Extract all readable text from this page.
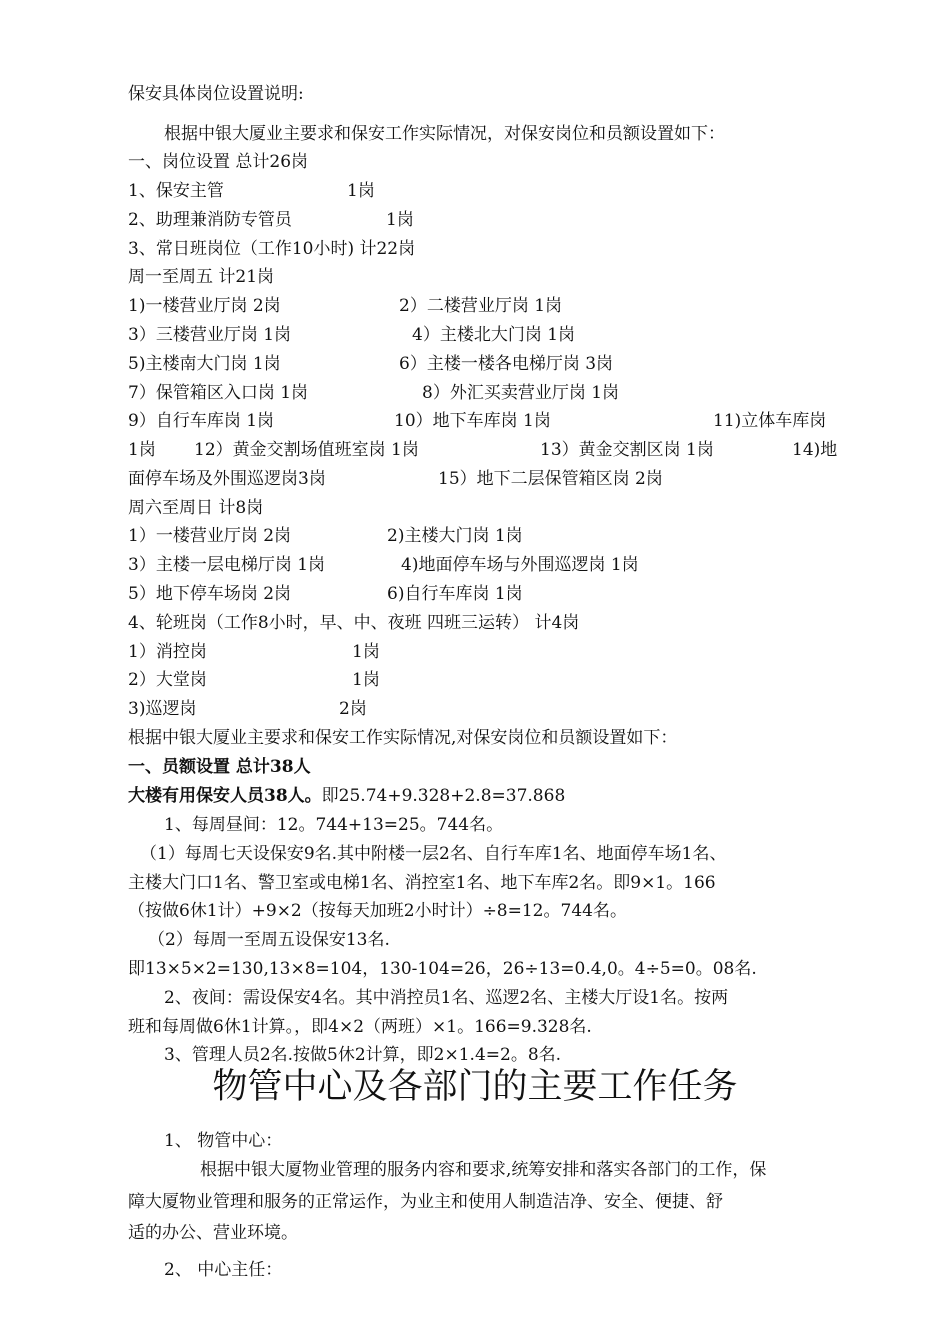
保安具体岗位设置说明:
根据中银大厦业主要求和保安工作实际情况，对保安岗位和员额设置如下：
一、岗位设置 总计26岗
1、保安主管	1岗
2、助理兼消防专管员	1岗
3、常日班岗位（工作10小时) 计22岗
周一至周五 计21岗
1)一楼营业厅岗 2岗	2）二楼营业厅岗 1岗
3）三楼营业厅岗 1岗	4）主楼北大门岗 1岗
5)主楼南大门岗 1岗	6）主楼一楼各电梯厅岗 3岗
7）保管箱区入口岗 1岗	8）外汇买卖营业厅岗 1岗
9）自行车库岗 1岗	10）地下车库岗 1岗	11)立体车库岗
1岗 12）黄金交割场值班室岗 1岗	13）黄金交割区岗 1岗	14)地
面停车场及外围巡逻岗3岗	15）地下二层保管箱区岗 2岗
周六至周日 计8岗
1）一楼营业厅岗 2岗	2)主楼大门岗 1岗
3）主楼一层电梯厅岗 1岗	4)地面停车场与外围巡逻岗 1岗
5）地下停车场岗 2岗	6)自行车库岗 1岗
4、轮班岗（工作8小时，早、中、夜班 四班三运转） 计4岗
1）消控岗	1岗
2）大堂岗	1岗
3)巡逻岗	2岗
根据中银大厦业主要求和保安工作实际情况,对保安岗位和员额设置如下：
一、员额设置 总计38人
大楼有用保安人员38人。即25.74+9.328+2.8=37.868
1、每周昼间：12。744+13=25。744名。
（1）每周七天设保安9名.其中附楼一层2名、自行车库1名、地面停车场1名、
主楼大门口1名、警卫室或电梯1名、消控室1名、地下车库2名。即9×1。166
（按做6休1计）+9×2（按每天加班2小时计）÷8=12。744名。
（2）每周一至周五设保安13名.
即13×5×2=130,13×8=104，130-104=26，26÷13=0.4,0。4÷5=0。08名.
2、夜间：需设保安4名。其中消控员1名、巡逻2名、主楼大厅设1名。按两
班和每周做6休1计算。，即4×2（两班）×1。166=9.328名.
3、管理人员2名.按做5休2计算，即2×1.4=2。8名.
物管中心及各部门的主要工作任务
1、 物管中心：
根据中银大厦物业管理的服务内容和要求,统筹安排和落实各部门的工作，保
障大厦物业管理和服务的正常运作，为业主和使用人制造洁净、安全、便捷、舒
适的办公、营业环境。
2、 中心主任：
